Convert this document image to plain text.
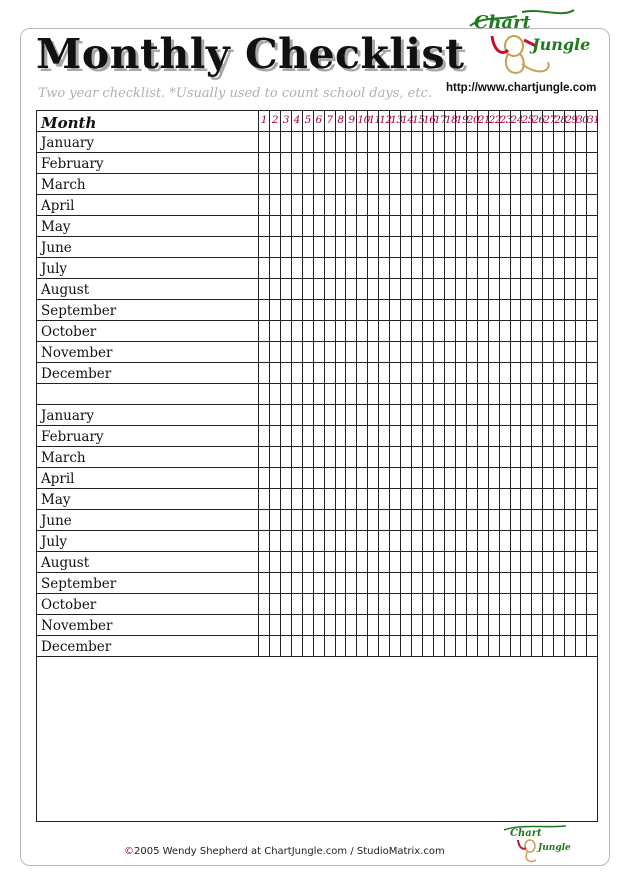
Monthly Checklist
Two year checklist. *Usually used to count school days, etc.
Chart
Jungle
http://www.chartjungle.com
Month	1 2 3 4 5 6 7 8 9 10
11
12
13
14
15
16
17
18
19
20
21
22
23
24
25
26
27
28
29
30
31
January
February
March
April
May
June
July
August
September
October
November
December
January
February
March
April
May
June
July
August
September
October
November
December
©2005 Wendy Shepherd at ChartJungle.com / StudioMatrix.com
Chart
Jungle
